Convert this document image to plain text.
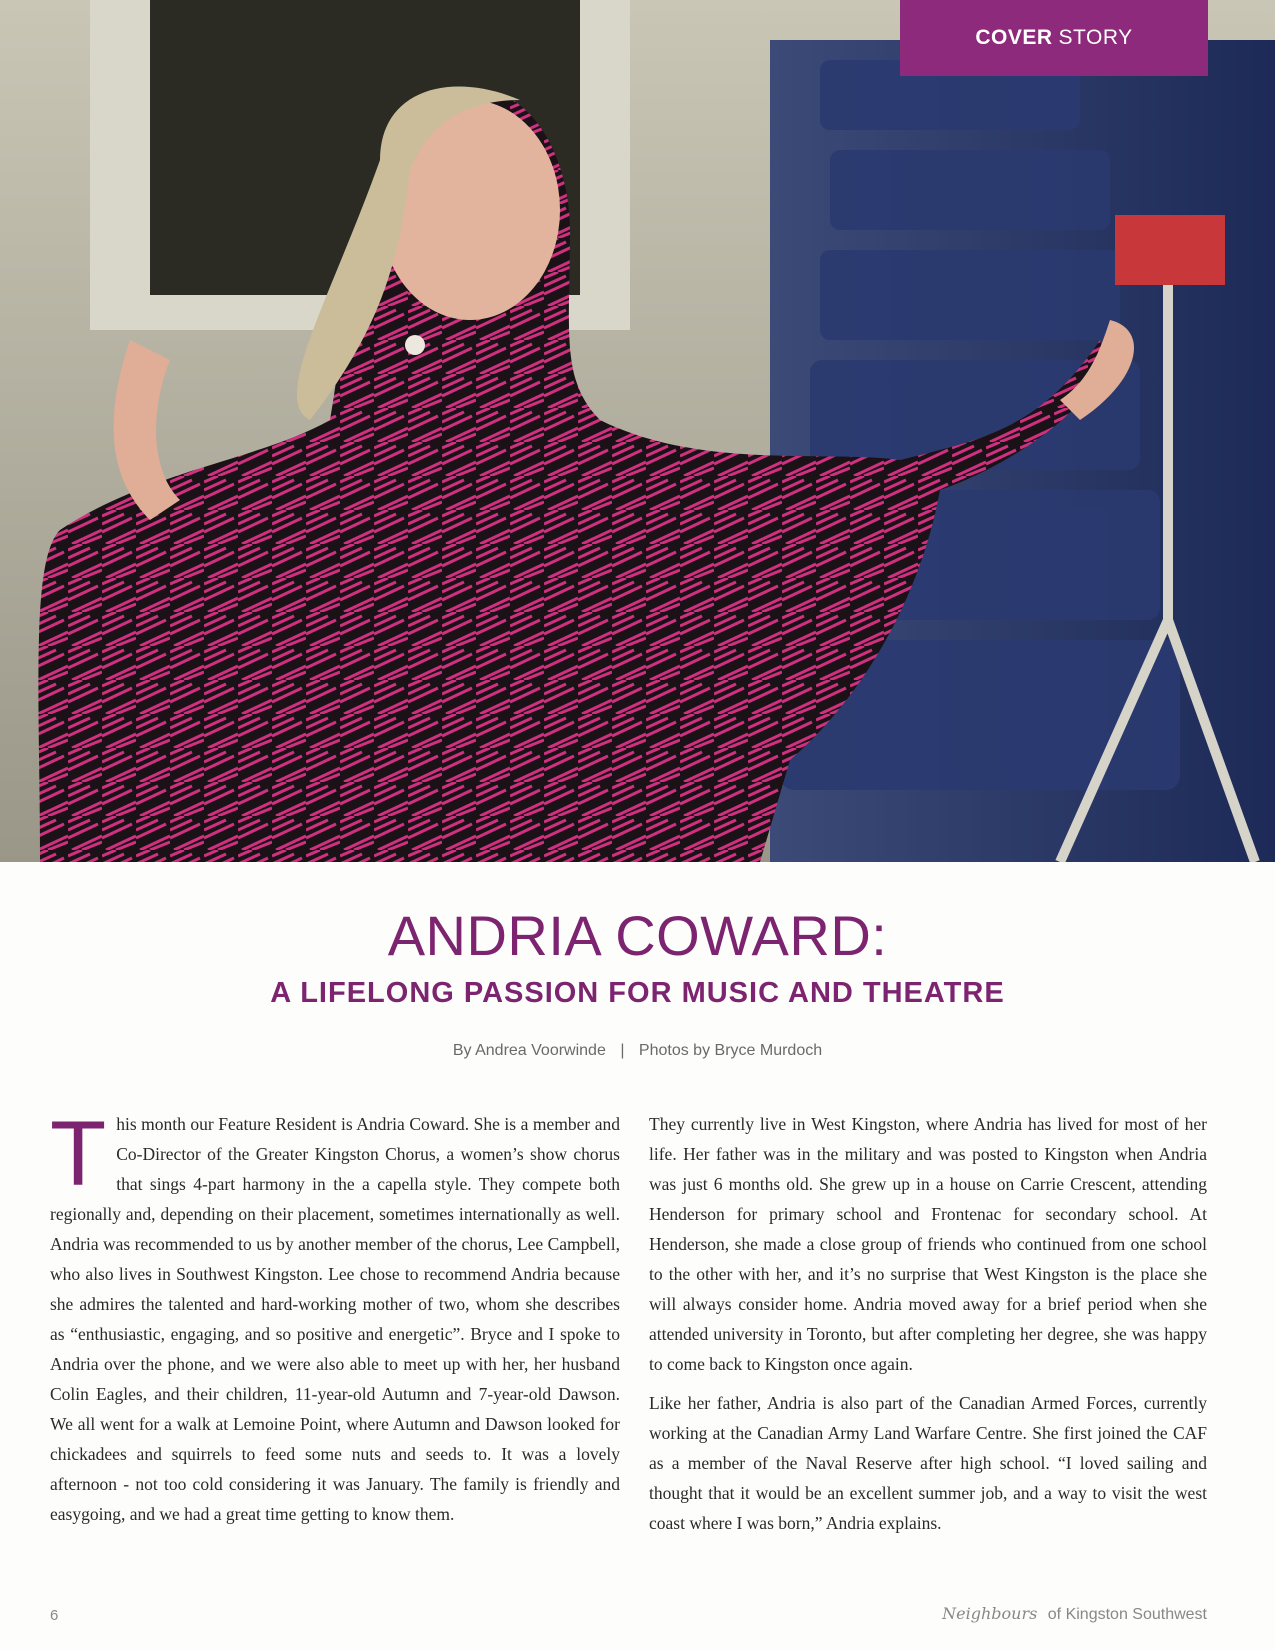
COVER STORY
ANDRIA COWARD:
A LIFELONG PASSION FOR MUSIC AND THEATRE
By Andrea Voorwinde | Photos by Bryce Murdoch

T his month our Feature Resident is Andria Coward. She is a member and Co-Director of the Greater Kingston Chorus, a women’s show chorus that sings 4-part harmony in the a capella style. They compete both regionally and, depending on their placement, sometimes internationally as well. Andria was recommended to us by another member of the chorus, Lee Campbell, who also lives in Southwest Kingston. Lee chose to recommend Andria because she admires the talented and hard-working mother of two, whom she describes as “enthusiastic, engaging, and so positive and energetic”. Bryce and I spoke to Andria over the phone, and we were also able to meet up with her, her husband Colin Eagles, and their children, 11-year-old Autumn and 7-year-old Dawson. We all went for a walk at Lemoine Point, where Autumn and Dawson looked for chickadees and squirrels to feed some nuts and seeds to. It was a lovely afternoon - not too cold considering it was January. The family is friendly and easygoing, and we had a great time getting to know them.

They currently live in West Kingston, where Andria has lived for most of her life. Her father was in the military and was posted to Kingston when Andria was just 6 months old. She grew up in a house on Carrie Crescent, attending Henderson for primary school and Frontenac for secondary school. At Henderson, she made a close group of friends who continued from one school to the other with her, and it’s no surprise that West Kingston is the place she will always consider home. Andria moved away for a brief period when she attended university in Toronto, but after completing her degree, she was happy to come back to Kingston once again.

Like her father, Andria is also part of the Canadian Armed Forces, currently working at the Canadian Army Land Warfare Centre. She first joined the CAF as a member of the Naval Reserve after high school. “I loved sailing and thought that it would be an excellent summer job, and a way to visit the west coast where I was born,” Andria explains.

6	Neighbours of Kingston Southwest
